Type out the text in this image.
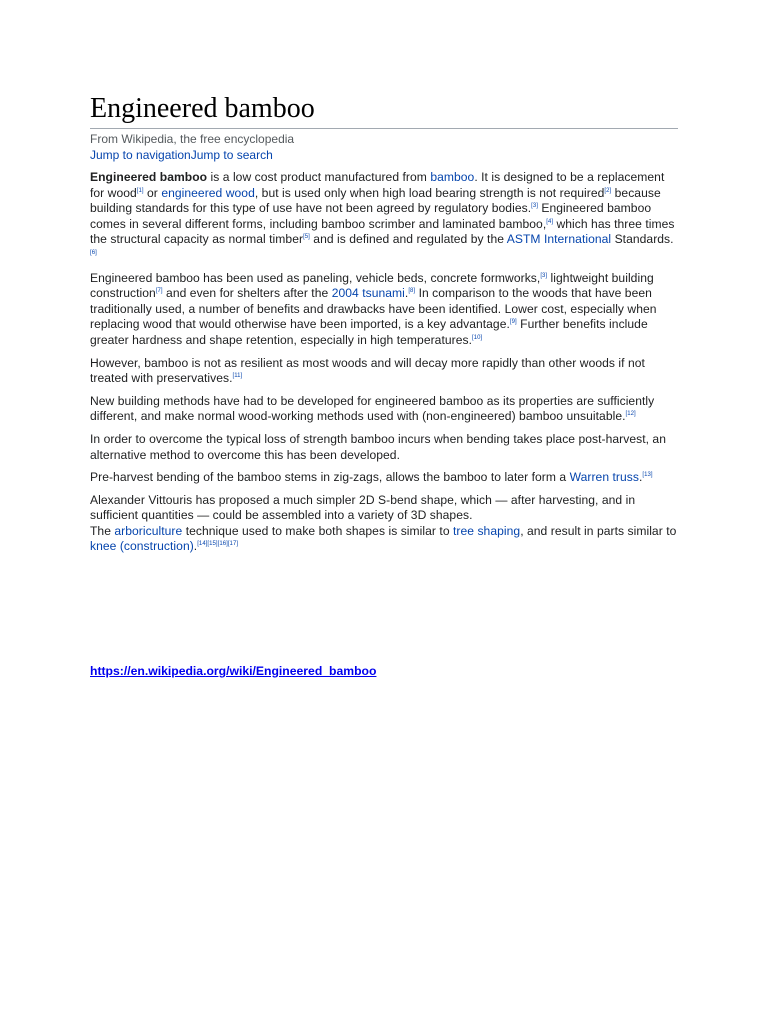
Engineered bamboo
From Wikipedia, the free encyclopedia
Jump to navigationJump to search

Engineered bamboo is a low cost product manufactured from bamboo. It is designed to be a replacement for wood[1] or engineered wood, but is used only when high load bearing strength is not required[2] because building standards for this type of use have not been agreed by regulatory bodies.[3] Engineered bamboo comes in several different forms, including bamboo scrimber and laminated bamboo,[4] which has three times the structural capacity as normal timber[5] and is defined and regulated by the ASTM International Standards.[6]

Engineered bamboo has been used as paneling, vehicle beds, concrete formworks,[3] lightweight building construction[7] and even for shelters after the 2004 tsunami.[8] In comparison to the woods that have been traditionally used, a number of benefits and drawbacks have been identified. Lower cost, especially when replacing wood that would otherwise have been imported, is a key advantage.[9] Further benefits include greater hardness and shape retention, especially in high temperatures.[10]

However, bamboo is not as resilient as most woods and will decay more rapidly than other woods if not treated with preservatives.[11]

New building methods have had to be developed for engineered bamboo as its properties are sufficiently different, and make normal wood-working methods used with (non-engineered) bamboo unsuitable.[12]

In order to overcome the typical loss of strength bamboo incurs when bending takes place post-harvest, an alternative method to overcome this has been developed.

Pre-harvest bending of the bamboo stems in zig-zags, allows the bamboo to later form a Warren truss.[13]

Alexander Vittouris has proposed a much simpler 2D S-bend shape, which — after harvesting, and in sufficient quantities — could be assembled into a variety of 3D shapes.
The arboriculture technique used to make both shapes is similar to tree shaping, and result in parts similar to knee (construction).[14][15][16][17]

https://en.wikipedia.org/wiki/Engineered_bamboo
